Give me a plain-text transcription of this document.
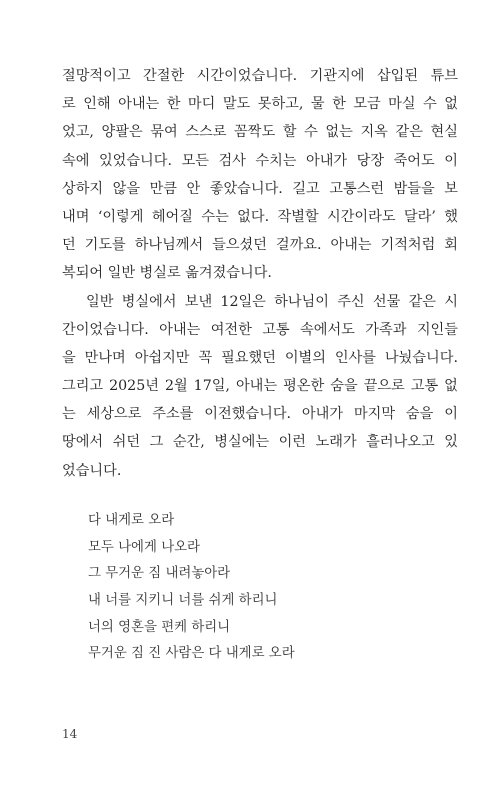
절망적이고 간절한 시간이었습니다. 기관지에 삽입된 튜브
로 인해 아내는 한 마디 말도 못하고, 물 한 모금 마실 수 없
었고, 양팔은 묶여 스스로 꼼짝도 할 수 없는 지옥 같은 현실
속에 있었습니다. 모든 검사 수치는 아내가 당장 죽어도 이
상하지 않을 만큼 안 좋았습니다. 길고 고통스런 밤들을 보
내며 ‘이렇게 헤어질 수는 없다. 작별할 시간이라도 달라’ 했
던 기도를 하나님께서 들으셨던 걸까요. 아내는 기적처럼 회
복되어 일반 병실로 옮겨졌습니다.
일반 병실에서 보낸 12일은 하나님이 주신 선물 같은 시
간이었습니다. 아내는 여전한 고통 속에서도 가족과 지인들
을 만나며 아쉽지만 꼭 필요했던 이별의 인사를 나눴습니다.
그리고 2025년 2월 17일, 아내는 평온한 숨을 끝으로 고통 없
는 세상으로 주소를 이전했습니다. 아내가 마지막 숨을 이
땅에서 쉬던 그 순간, 병실에는 이런 노래가 흘러나오고 있
었습니다.
다 내게로 오라
모두 나에게 나오라
그 무거운 짐 내려놓아라
내 너를 지키니 너를 쉬게 하리니
너의 영혼을 편케 하리니
무거운 짐 진 사람은 다 내게로 오라
14
